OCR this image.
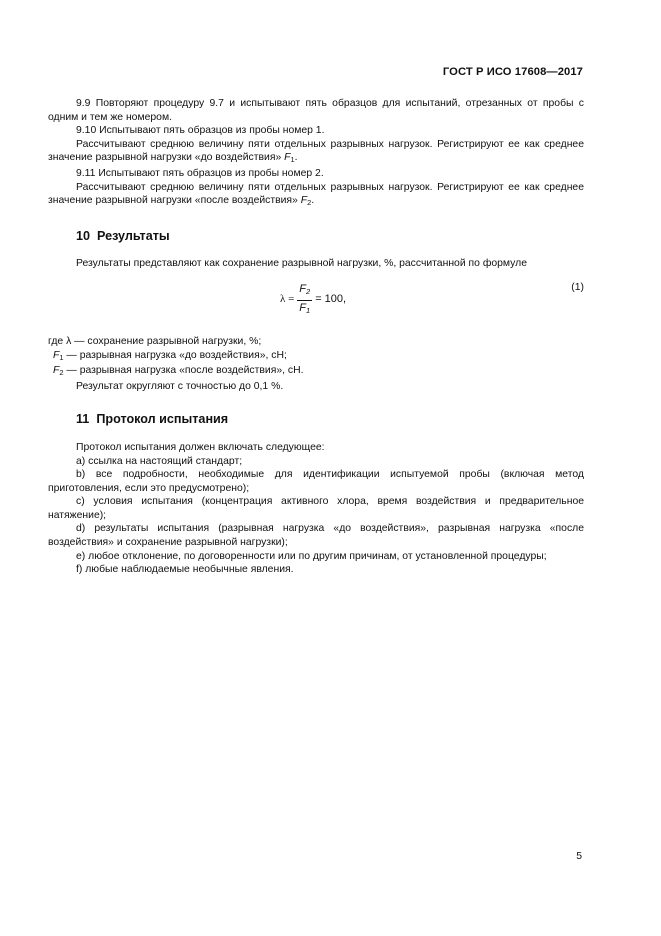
ГОСТ Р ИСО 17608—2017

9.9 Повторяют процедуру 9.7 и испытывают пять образцов для испытаний, отрезанных от пробы с одним и тем же номером.

9.10 Испытывают пять образцов из пробы номер 1.

Рассчитывают среднюю величину пяти отдельных разрывных нагрузок. Регистрируют ее как среднее значение разрывной нагрузки «до воздействия» $F_1$.

9.11 Испытывают пять образцов из пробы номер 2.

Рассчитывают среднюю величину пяти отдельных разрывных нагрузок. Регистрируют ее как среднее значение разрывной нагрузки «после воздействия» $F_2$.

10 Результаты

Результаты представляют как сохранение разрывной нагрузки, %, рассчитанной по формуле

$\lambda = \frac{F_2}{F_1} = 100$,
(1)

где λ — сохранение разрывной нагрузки, %;

$F_1$ — разрывная нагрузка «до воздействия», сН;

$F_2$ — разрывная нагрузка «после воздействия», сН.

Результат округляют с точностью до 0,1 %.

11 Протокол испытания

Протокол испытания должен включать следующее:

a) ссылка на настоящий стандарт;

b) все подробности, необходимые для идентификации испытуемой пробы (включая метод приготовления, если это предусмотрено);

c) условия испытания (концентрация активного хлора, время воздействия и предварительное натяжение);

d) результаты испытания (разрывная нагрузка «до воздействия», разрывная нагрузка «после воздействия» и сохранение разрывной нагрузки);

e) любое отклонение, по договоренности или по другим причинам, от установленной процедуры;

f) любые наблюдаемые необычные явления.

5
